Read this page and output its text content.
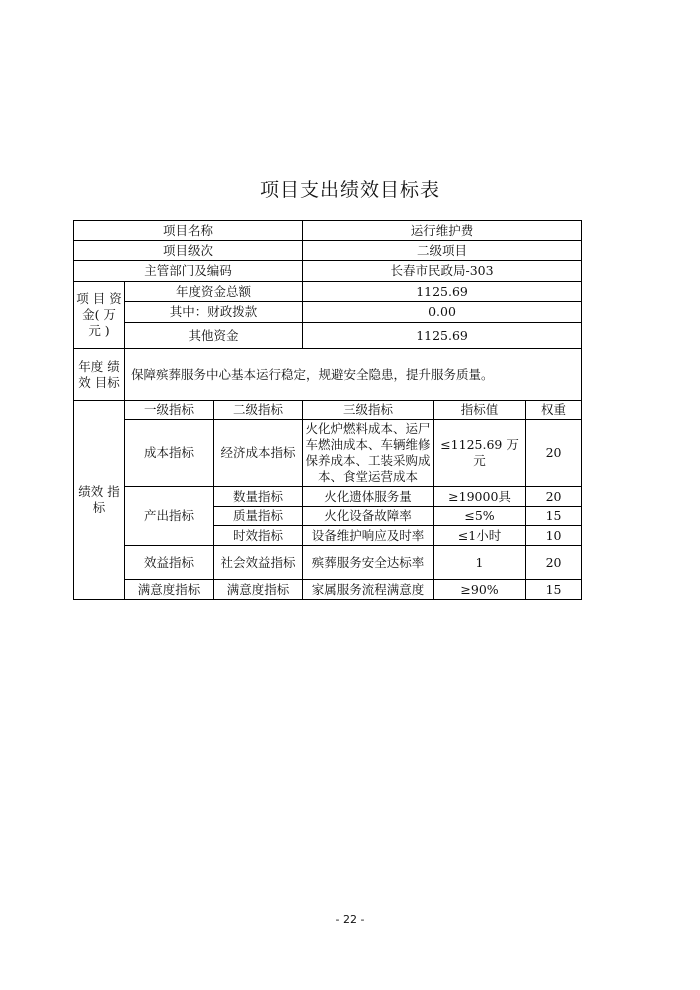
项目支出绩效目标表
项目名称			运行维护费		
项目级次			二级项目		
主管部门及编码			长春市民政局-303		
项 目 资金( 万元 )	年度资金总额		1125.69		
	其中：财政拨款		0.00		
	其他资金		1125.69		
年度 绩效 目标	保障殡葬服务中心基本运行稳定，规避安全隐患，提升服务质量。				
绩效 指标	一级指标	二级指标	三级指标	指标值	权重
	成本指标	经济成本指标	火化炉燃料成本、运尸车燃油成本、车辆维修保养成本、工装采购成本、食堂运营成本	≤1125.69 万元	20
	产出指标	数量指标	火化遗体服务量	≥19000具	20
		质量指标	火化设备故障率	≤5%	15
		时效指标	设备维护响应及时率	≤1小时	10
	效益指标	社会效益指标	殡葬服务安全达标率	1	20
	满意度指标	满意度指标	家属服务流程满意度	≥90%	15
- 22 -
